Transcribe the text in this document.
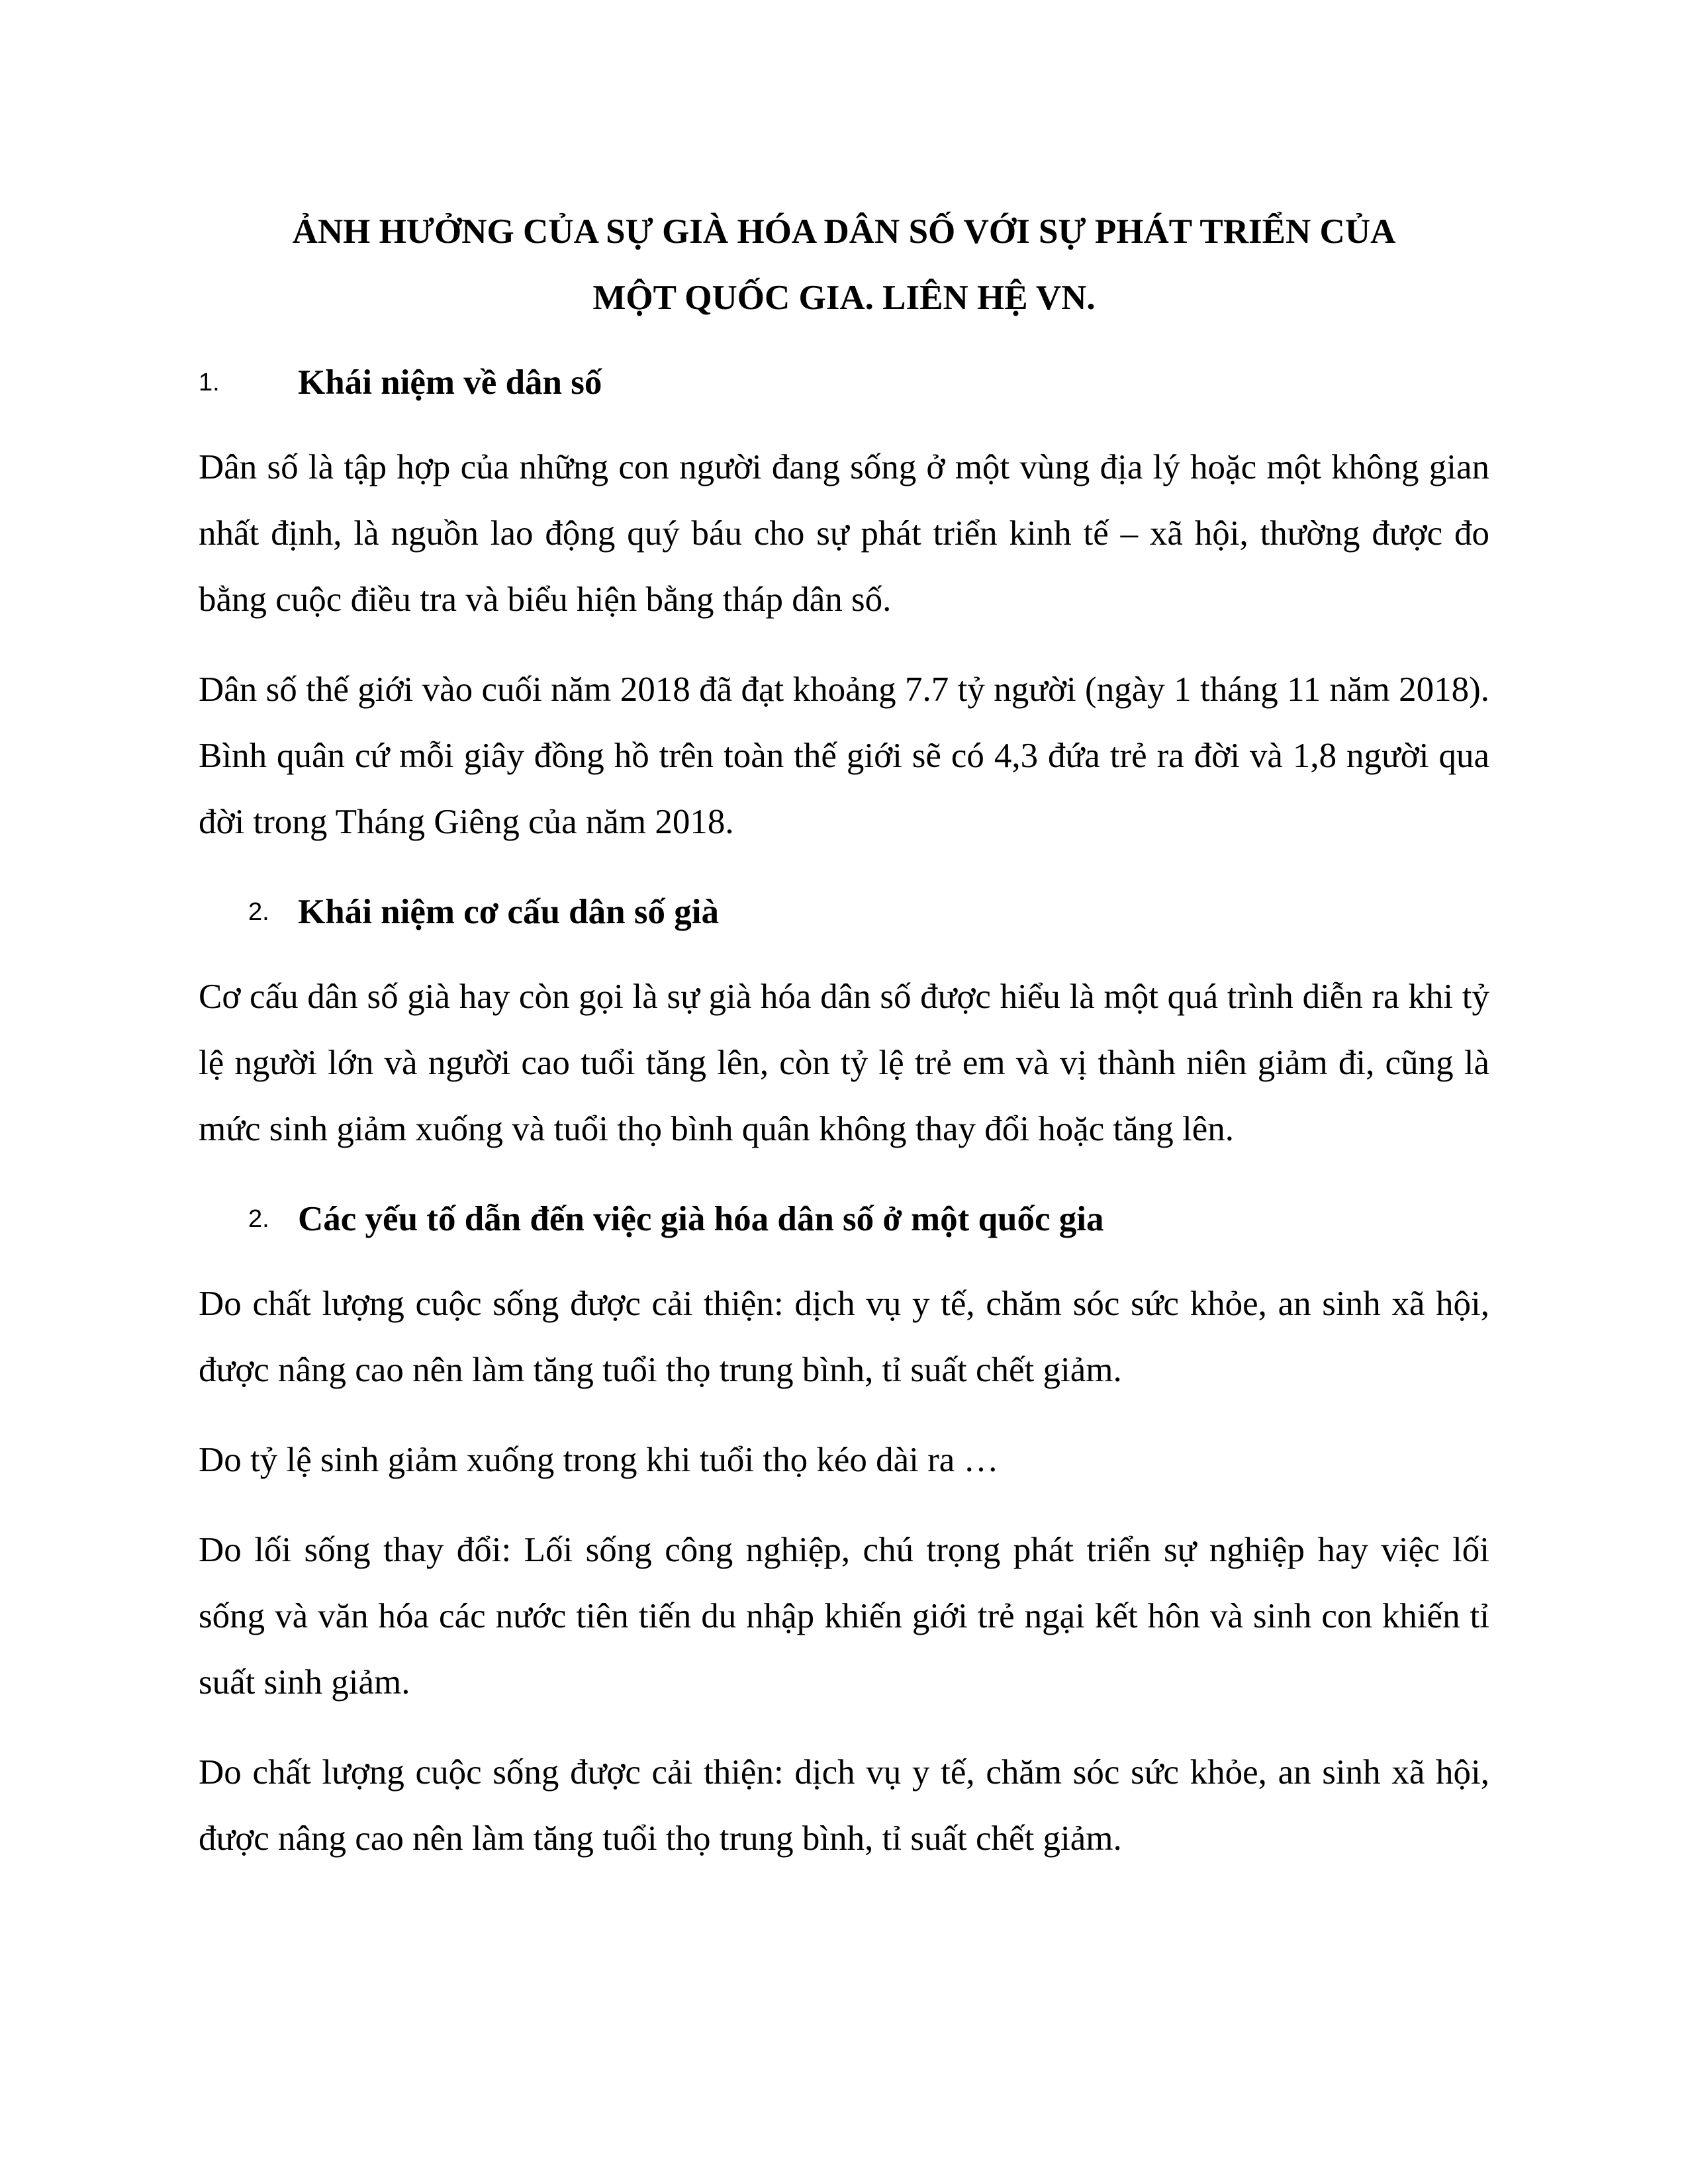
ẢNH HƯỞNG CỦA SỰ GIÀ HÓA DÂN SỐ VỚI SỰ PHÁT TRIỂN CỦA

MỘT QUỐC GIA. LIÊN HỆ VN.

1. Khái niệm về dân số

Dân số là tập hợp của những con người đang sống ở một vùng địa lý hoặc một không gian nhất định, là nguồn lao động quý báu cho sự phát triển kinh tế – xã hội, thường được đo bằng cuộc điều tra và biểu hiện bằng tháp dân số.

Dân số thế giới vào cuối năm 2018 đã đạt khoảng 7.7 tỷ người (ngày 1 tháng 11 năm 2018). Bình quân cứ mỗi giây đồng hồ trên toàn thế giới sẽ có 4,3 đứa trẻ ra đời và 1,8 người qua đời trong Tháng Giêng của năm 2018.

2. Khái niệm cơ cấu dân số già

Cơ cấu dân số già hay còn gọi là sự già hóa dân số được hiểu là một quá trình diễn ra khi tỷ lệ người lớn và người cao tuổi tăng lên, còn tỷ lệ trẻ em và vị thành niên giảm đi, cũng là mức sinh giảm xuống và tuổi thọ bình quân không thay đổi hoặc tăng lên.

2. Các yếu tố dẫn đến việc già hóa dân số ở một quốc gia

Do chất lượng cuộc sống được cải thiện: dịch vụ y tế, chăm sóc sức khỏe, an sinh xã hội, được nâng cao nên làm tăng tuổi thọ trung bình, tỉ suất chết giảm.

Do tỷ lệ sinh giảm xuống trong khi tuổi thọ kéo dài ra …

Do lối sống thay đổi: Lối sống công nghiệp, chú trọng phát triển sự nghiệp hay việc lối sống và văn hóa các nước tiên tiến du nhập khiến giới trẻ ngại kết hôn và sinh con khiến tỉ suất sinh giảm.

Do chất lượng cuộc sống được cải thiện: dịch vụ y tế, chăm sóc sức khỏe, an sinh xã hội, được nâng cao nên làm tăng tuổi thọ trung bình, tỉ suất chết giảm.
